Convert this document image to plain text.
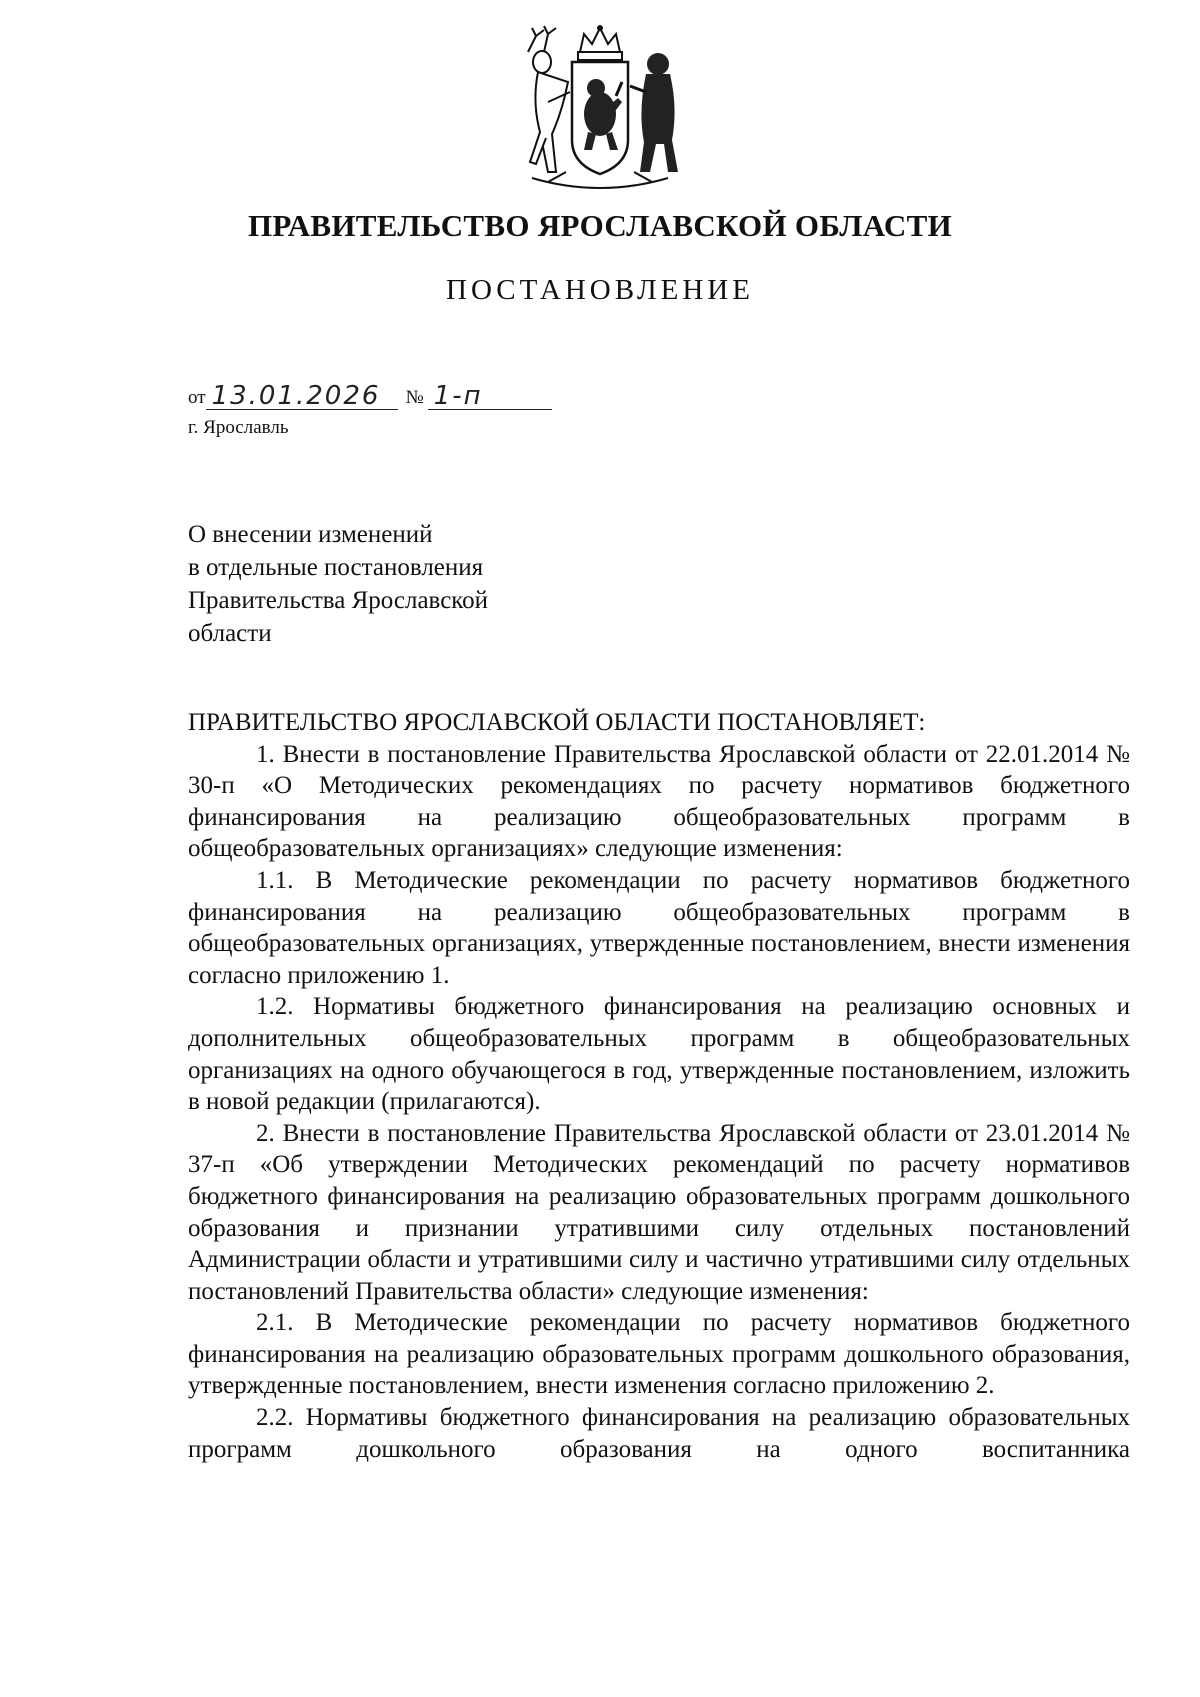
ПРАВИТЕЛЬСТВО ЯРОСЛАВСКОЙ ОБЛАСТИ
ПОСТАНОВЛЕНИЕ
от 13.01.2026	№ 1-п
г. Ярославль
О внесении изменений
в отдельные постановления
Правительства Ярославской
области

ПРАВИТЕЛЬСТВО ЯРОСЛАВСКОЙ ОБЛАСТИ ПОСТАНОВЛЯЕТ:

1. Внести в постановление Правительства Ярославской области от 22.01.2014 № 30-п «О Методических рекомендациях по расчету нормативов бюджетного финансирования на реализацию общеобразовательных программ в общеобразовательных организациях» следующие изменения:

1.1. В Методические рекомендации по расчету нормативов бюджетного финансирования на реализацию общеобразовательных программ в общеобразовательных организациях, утвержденные постановлением, внести изменения согласно приложению 1.

1.2. Нормативы бюджетного финансирования на реализацию основных и дополнительных общеобразовательных программ в общеобразовательных организациях на одного обучающегося в год, утвержденные постановлением, изложить в новой редакции (прилагаются).

2. Внести в постановление Правительства Ярославской области от 23.01.2014 № 37-п «Об утверждении Методических рекомендаций по расчету нормативов бюджетного финансирования на реализацию образовательных программ дошкольного образования и признании утратившими силу отдельных постановлений Администрации области и утратившими силу и частично утратившими силу отдельных постановлений Правительства области» следующие изменения:

2.1. В Методические рекомендации по расчету нормативов бюджетного финансирования на реализацию образовательных программ дошкольного образования, утвержденные постановлением, внести изменения согласно приложению 2.

2.2. Нормативы бюджетного финансирования на реализацию образовательных программ дошкольного образования на одного воспитанника
